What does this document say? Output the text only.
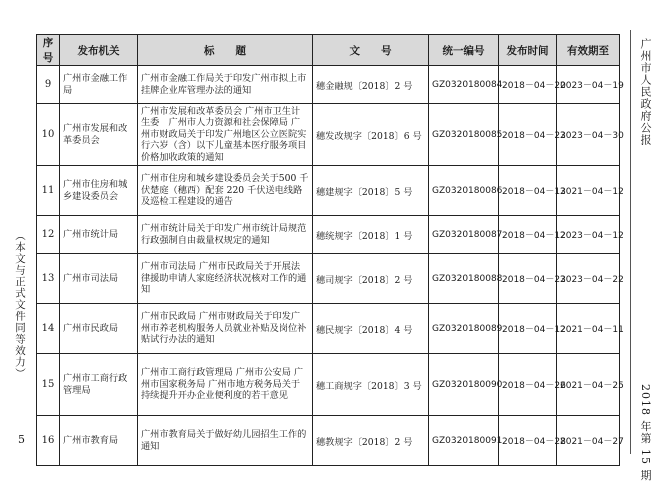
（本文与正式文件同等效力）
广州市人民政府公报
2018 年第 15 期
5
序号	发布机关	标　　题	文　　号	统一编号	发布时间	有效期至
9	广州市金融工作局	广州市金融工作局关于印发广州市拟上市挂牌企业库管理办法的通知	穗金融规〔2018〕2 号	GZ0320180084	2018－04－20	2023－04－19
10	广州市发展和改革委员会	广州市发展和改革委员会 广州市卫生计生委　广州市人力资源和社会保障局 广州市财政局关于印发广州地区公立医院实行六岁（含）以下儿童基本医疗服务项目价格加收政策的通知	穗发改规字〔2018〕6 号	GZ0320180085	2018－04－23	2023－04－30
11	广州市住房和城乡建设委员会	广州市住房和城乡建设委员会关于500 千伏楚庭（穗西）配套 220 千伏送电线路及巡检工程建设的通告	穗建规字〔2018〕5 号	GZ0320180086	2018－04－13	2021－04－12
12	广州市统计局	广州市统计局关于印发广州市统计局规范行政强制自由裁量权规定的通知	穗统规字〔2018〕1 号	GZ0320180087	2018－04－12	2023－04－12
13	广州市司法局	广州市司法局 广州市民政局关于开展法律援助申请人家庭经济状况核对工作的通知	穗司规字〔2018〕2 号	GZ0320180088	2018－04－23	2023－04－22
14	广州市民政局	广州市民政局 广州市财政局关于印发广州市养老机构服务人员就业补贴及岗位补贴试行办法的通知	穗民规字〔2018〕4 号	GZ0320180089	2018－04－12	2021－04－11
15	广州市工商行政管理局	广州市工商行政管理局 广州市公安局 广州市国家税务局 广州市地方税务局关于持续提升开办企业便利度的若干意见	穗工商规字〔2018〕3 号	GZ0320180090	2018－04－26	2021－04－25
16	广州市教育局	广州市教育局关于做好幼儿园招生工作的通知	穗教规字〔2018〕2 号	GZ0320180091	2018－04－28	2021－04－27
